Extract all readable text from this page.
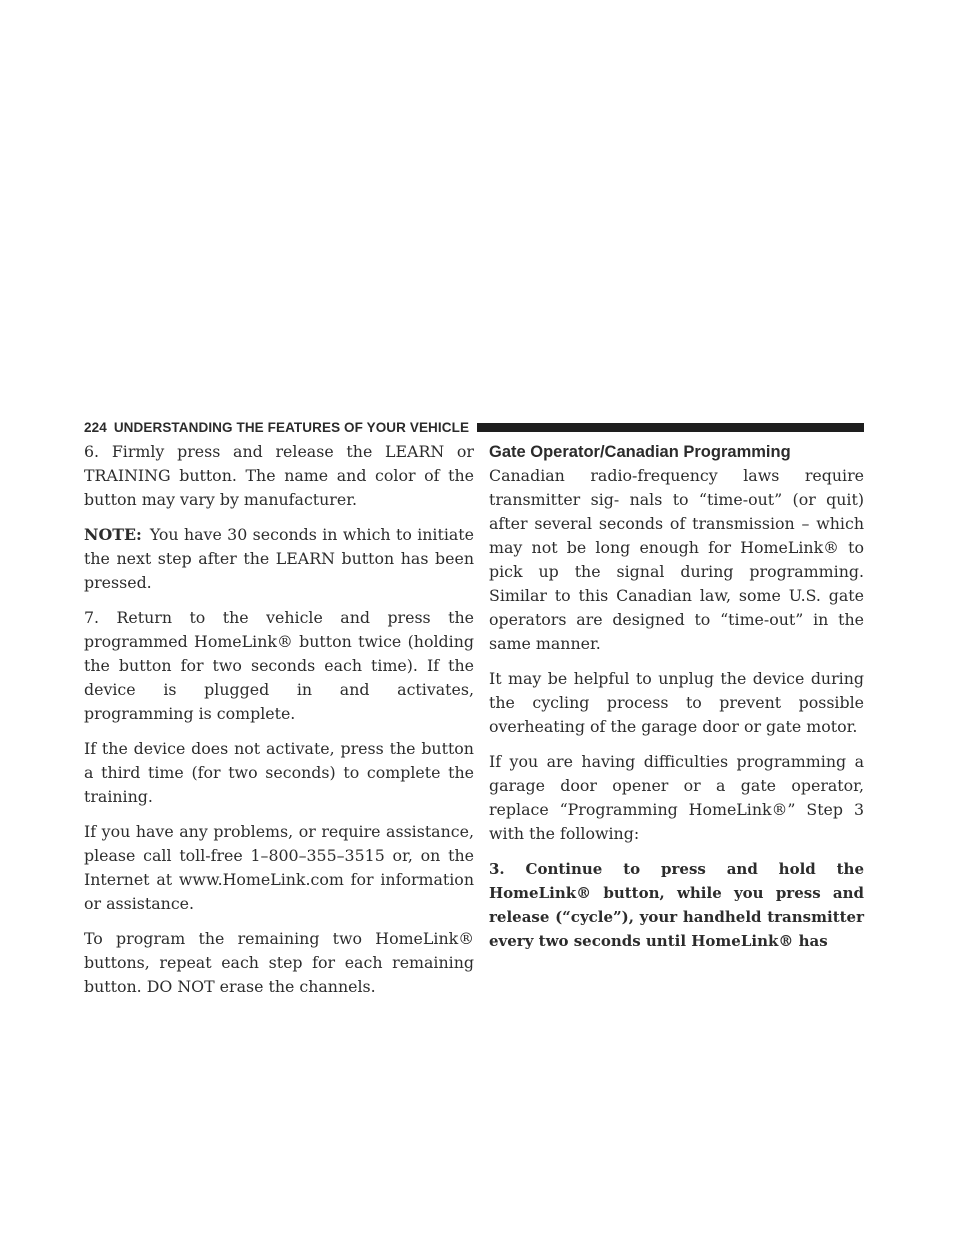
224 UNDERSTANDING THE FEATURES OF YOUR VEHICLE

6. Firmly press and release the LEARN or TRAINING button. The name and color of the button may vary by manufacturer.

NOTE: You have 30 seconds in which to initiate the next step after the LEARN button has been pressed.

7. Return to the vehicle and press the programmed HomeLink® button twice (holding the button for two seconds each time). If the device is plugged in and activates, programming is complete.

If the device does not activate, press the button a third time (for two seconds) to complete the training.

If you have any problems, or require assistance, please call toll-free 1–800–355–3515 or, on the Internet at www.HomeLink.com for information or assistance.

To program the remaining two HomeLink® buttons, repeat each step for each remaining button. DO NOT erase the channels.

Gate Operator/Canadian Programming

Canadian radio-frequency laws require transmitter sig- nals to “time-out” (or quit) after several seconds of transmission – which may not be long enough for HomeLink® to pick up the signal during programming. Similar to this Canadian law, some U.S. gate operators are designed to “time-out” in the same manner.

It may be helpful to unplug the device during the cycling process to prevent possible overheating of the garage door or gate motor.

If you are having difficulties programming a garage door opener or a gate operator, replace “Programming HomeLink®” Step 3 with the following:

3. Continue to press and hold the HomeLink® button, while you press and release (“cycle”), your handheld transmitter every two seconds until HomeLink® has
